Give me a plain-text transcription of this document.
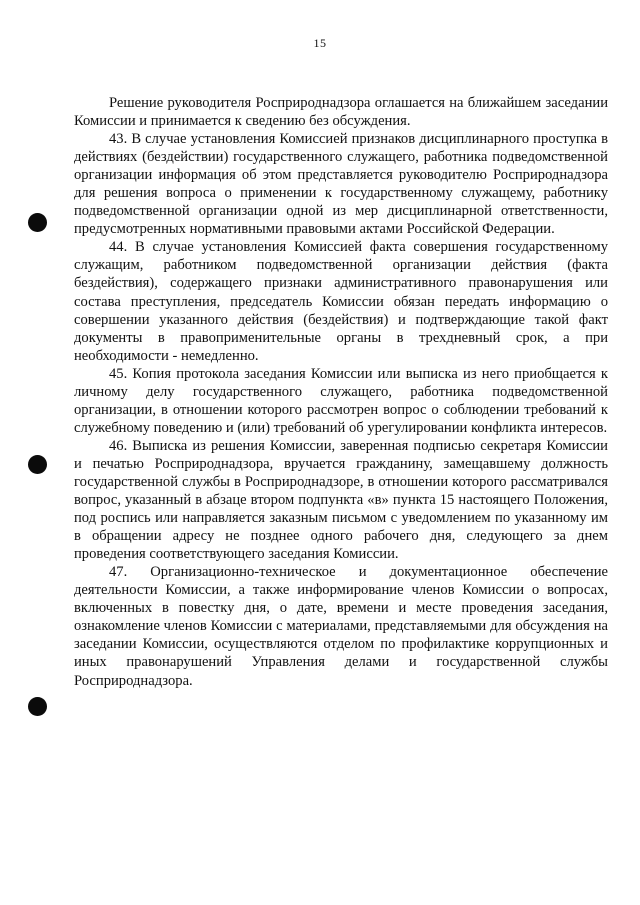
15

Решение руководителя Росприроднадзора оглашается на ближайшем заседании Комиссии и принимается к сведению без обсуждения.

43. В случае установления Комиссией признаков дисциплинарного проступка в действиях (бездействии) государственного служащего, работника подведомственной организации информация об этом представляется руководителю Росприроднадзора для решения вопроса о применении к государственному служащему, работнику подведомственной организации одной из мер дисциплинарной ответственности, предусмотренных нормативными правовыми актами Российской Федерации.

44. В случае установления Комиссией факта совершения государственному служащим, работником подведомственной организации действия (факта бездействия), содержащего признаки административного правонарушения или состава преступления, председатель Комиссии обязан передать информацию о совершении указанного действия (бездействия) и подтверждающие такой факт документы в правоприменительные органы в трехдневный срок, а при необходимости - немедленно.

45. Копия протокола заседания Комиссии или выписка из него приобщается к личному делу государственного служащего, работника подведомственной организации, в отношении которого рассмотрен вопрос о соблюдении требований к служебному поведению и (или) требований об урегулировании конфликта интересов.

46. Выписка из решения Комиссии, заверенная подписью секретаря Комиссии и печатью Росприроднадзора, вручается гражданину, замещавшему должность государственной службы в Росприроднадзоре, в отношении которого рассматривался вопрос, указанный в абзаце втором подпункта «в» пункта 15 настоящего Положения, под роспись или направляется заказным письмом с уведомлением по указанному им в обращении адресу не позднее одного рабочего дня, следующего за днем проведения соответствующего заседания Комиссии.

47. Организационно-техническое и документационное обеспечение деятельности Комиссии, а также информирование членов Комиссии о вопросах, включенных в повестку дня, о дате, времени и месте проведения заседания, ознакомление членов Комиссии с материалами, представляемыми для обсуждения на заседании Комиссии, осуществляются отделом по профилактике коррупционных и иных правонарушений Управления делами и государственной службы Росприроднадзора.
